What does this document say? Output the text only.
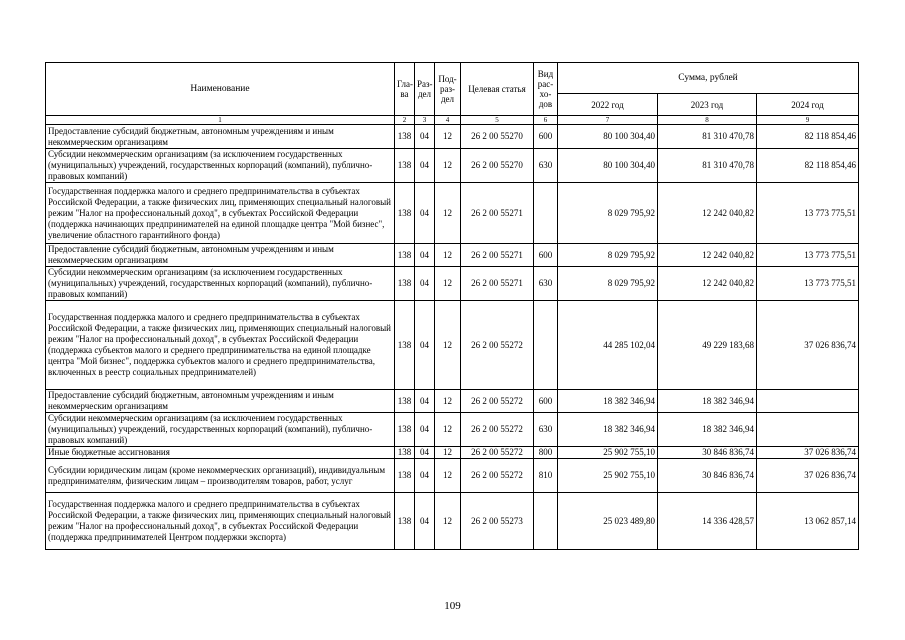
Наименование	Гла-ва	Раз-дел	Под-раз-дел	Целевая статья	Вид рас-хо-дов	Сумма, рублей		
						2022 год	2023 год	2024 год
1	2	3	4	5	6	7	8	9
Предоставление субсидий бюджетным, автономным учреждениям и иным некоммерческим организациям	138	04	12	26 2 00 55270	600	80 100 304,40	81 310 470,78	82 118 854,46
Субсидии некоммерческим организациям (за исключением государственных (муниципальных) учреждений, государственных корпораций (компаний), публично-правовых компаний)	138	04	12	26 2 00 55270	630	80 100 304,40	81 310 470,78	82 118 854,46
Государственная поддержка малого и среднего предпринимательства в субъектах Российской Федерации, а также физических лиц, применяющих специальный налоговый режим "Налог на профессиональный доход", в субъектах Российской Федерации (поддержка начинающих предпринимателей на единой площадке центра "Мой бизнес", увеличение областного гарантийного фонда)	138	04	12	26 2 00 55271		8 029 795,92	12 242 040,82	13 773 775,51
Предоставление субсидий бюджетным, автономным учреждениям и иным некоммерческим организациям	138	04	12	26 2 00 55271	600	8 029 795,92	12 242 040,82	13 773 775,51
Субсидии некоммерческим организациям (за исключением государственных (муниципальных) учреждений, государственных корпораций (компаний), публично-правовых компаний)	138	04	12	26 2 00 55271	630	8 029 795,92	12 242 040,82	13 773 775,51
Государственная поддержка малого и среднего предпринимательства в субъектах Российской Федерации, а также физических лиц, применяющих специальный налоговый режим "Налог на профессиональный доход", в субъектах Российской Федерации (поддержка субъектов малого и среднего предпринимательства на единой площадке центра "Мой бизнес", поддержка субъектов малого и среднего предпринимательства, включенных в реестр социальных предпринимателей)	138	04	12	26 2 00 55272		44 285 102,04	49 229 183,68	37 026 836,74
Предоставление субсидий бюджетным, автономным учреждениям и иным некоммерческим организациям	138	04	12	26 2 00 55272	600	18 382 346,94	18 382 346,94	
Субсидии некоммерческим организациям (за исключением государственных (муниципальных) учреждений, государственных корпораций (компаний), публично-правовых компаний)	138	04	12	26 2 00 55272	630	18 382 346,94	18 382 346,94	
Иные бюджетные ассигнования	138	04	12	26 2 00 55272	800	25 902 755,10	30 846 836,74	37 026 836,74
Субсидии юридическим лицам (кроме некоммерческих организаций), индивидуальным предпринимателям, физическим лицам – производителям товаров, работ, услуг	138	04	12	26 2 00 55272	810	25 902 755,10	30 846 836,74	37 026 836,74
Государственная поддержка малого и среднего предпринимательства в субъектах Российской Федерации, а также физических лиц, применяющих специальный налоговый режим "Налог на профессиональный доход", в субъектах Российской Федерации (поддержка предпринимателей Центром поддержки экспорта)	138	04	12	26 2 00 55273		25 023 489,80	14 336 428,57	13 062 857,14
109
